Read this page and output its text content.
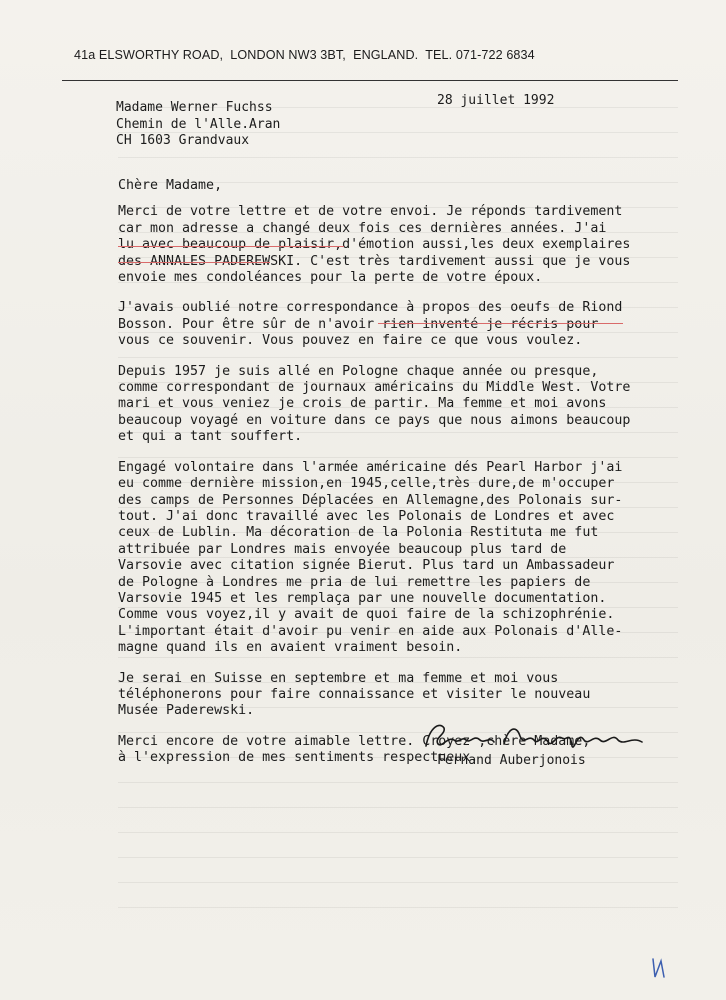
41a ELSWORTHY ROAD,  LONDON NW3 3BT,  ENGLAND.  TEL. 071-722 6834
28 juillet 1992
Madame Werner Fuchss
Chemin de l'Alle.Aran
CH 1603 Grandvaux

Chère Madame,

Merci de votre lettre et de votre envoi. Je réponds tardivement
car mon adresse a changé deux fois ces dernières années. J'ai
lu avec beaucoup de plaisir,d'émotion aussi,les deux exemplaires
des ANNALES PADEREWSKI. C'est très tardivement aussi que je vous
envoie mes condoléances pour la perte de votre époux.

J'avais oublié notre correspondance à propos des oeufs de Riond
Bosson. Pour être sûr de n'avoir rien inventé je récris pour
vous ce souvenir. Vous pouvez en faire ce que vous voulez.

Depuis 1957 je suis allé en Pologne chaque année ou presque,
comme correspondant de journaux américains du Middle West. Votre
mari et vous veniez je crois de partir. Ma femme et moi avons
beaucoup voyagé en voiture dans ce pays que nous aimons beaucoup
et qui a tant souffert.

Engagé volontaire dans l'armée américaine dés Pearl Harbor j'ai
eu comme dernière mission,en 1945,celle,très dure,de m'occuper
des camps de Personnes Déplacées en Allemagne,des Polonais sur-
tout. J'ai donc travaillé avec les Polonais de Londres et avec
ceux de Lublin. Ma décoration de la Polonia Restituta me fut
attribuée par Londres mais envoyée beaucoup plus tard de
Varsovie avec citation signée Bierut. Plus tard un Ambassadeur
de Pologne à Londres me pria de lui remettre les papiers de
Varsovie 1945 et les remplaça par une nouvelle documentation.
Comme vous voyez,il y avait de quoi faire de la schizophrénie.
L'important était d'avoir pu venir en aide aux Polonais d'Alle-
magne quand ils en avaient vraiment besoin.

Je serai en Suisse en septembre et ma femme et moi vous
téléphonerons pour faire connaissance et visiter le nouveau
Musée Paderewski.

Merci encore de votre aimable lettre. Croyez ,chère Madame,
à l'expression de mes sentiments respectueux.

Fernand Auberjonois
